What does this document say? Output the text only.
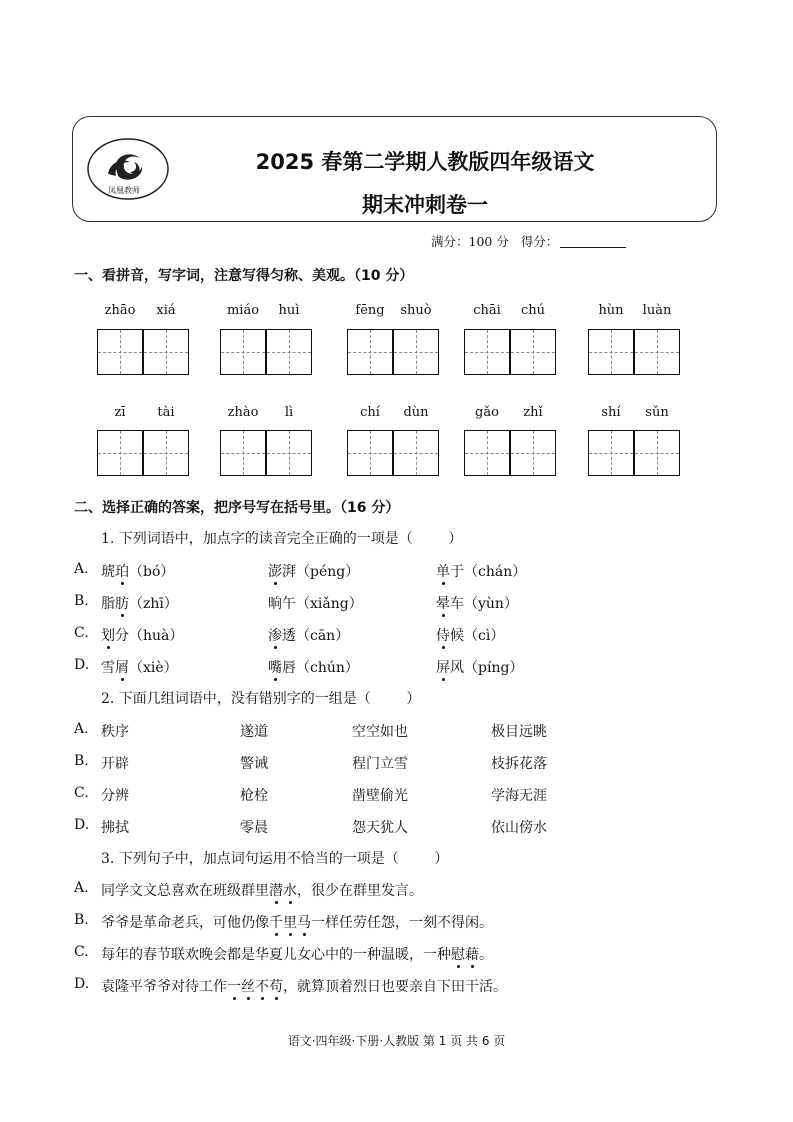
凤凰教师
2025 春第二学期人教版四年级语文
期末冲刺卷一
满分：100 分 得分：
一、看拼音，写字词，注意写得匀称、美观。（10 分）
zhāo	xiá	miáo	huì	fēng	shuò	chāi	chú	hùn	luàn
zī	tài	zhào	lì	chí	dùn	gǎo	zhǐ	shí	sǔn
二、选择正确的答案，把序号写在括号里。（16 分）
1. 下列词语中，加点字的读音完全正确的一项是（        ）
A. 琥珀（bó）	澎湃（péng）	单于（chán）
B. 脂肪（zhī）	晌午（xiǎng）	晕车（yùn）
C. 划分（huà）	渗透（cān）	侍候（cì）
D. 雪屑（xiè）	嘴唇（chún）	屏风（píng）
2. 下面几组词语中，没有错别字的一组是（        ）
A. 秩序	遂道	空空如也	极目远眺
B. 开辟	警诫	程门立雪	枝拆花落
C. 分辨	枪栓	凿壁偷光	学海无涯
D. 拂拭	零晨	怨天犹人	依山傍水
3. 下列句子中，加点词句运用不恰当的一项是（        ）
A. 同学文文总喜欢在班级群里潜水，很少在群里发言。
B. 爷爷是革命老兵，可他仍像千里马一样任劳任怨，一刻不得闲。
C. 每年的春节联欢晚会都是华夏儿女心中的一种温暖，一种慰藉。
D. 袁隆平爷爷对待工作一丝不苟，就算顶着烈日也要亲自下田干活。
语文·四年级·下册·人教版 第 1 页 共 6 页
